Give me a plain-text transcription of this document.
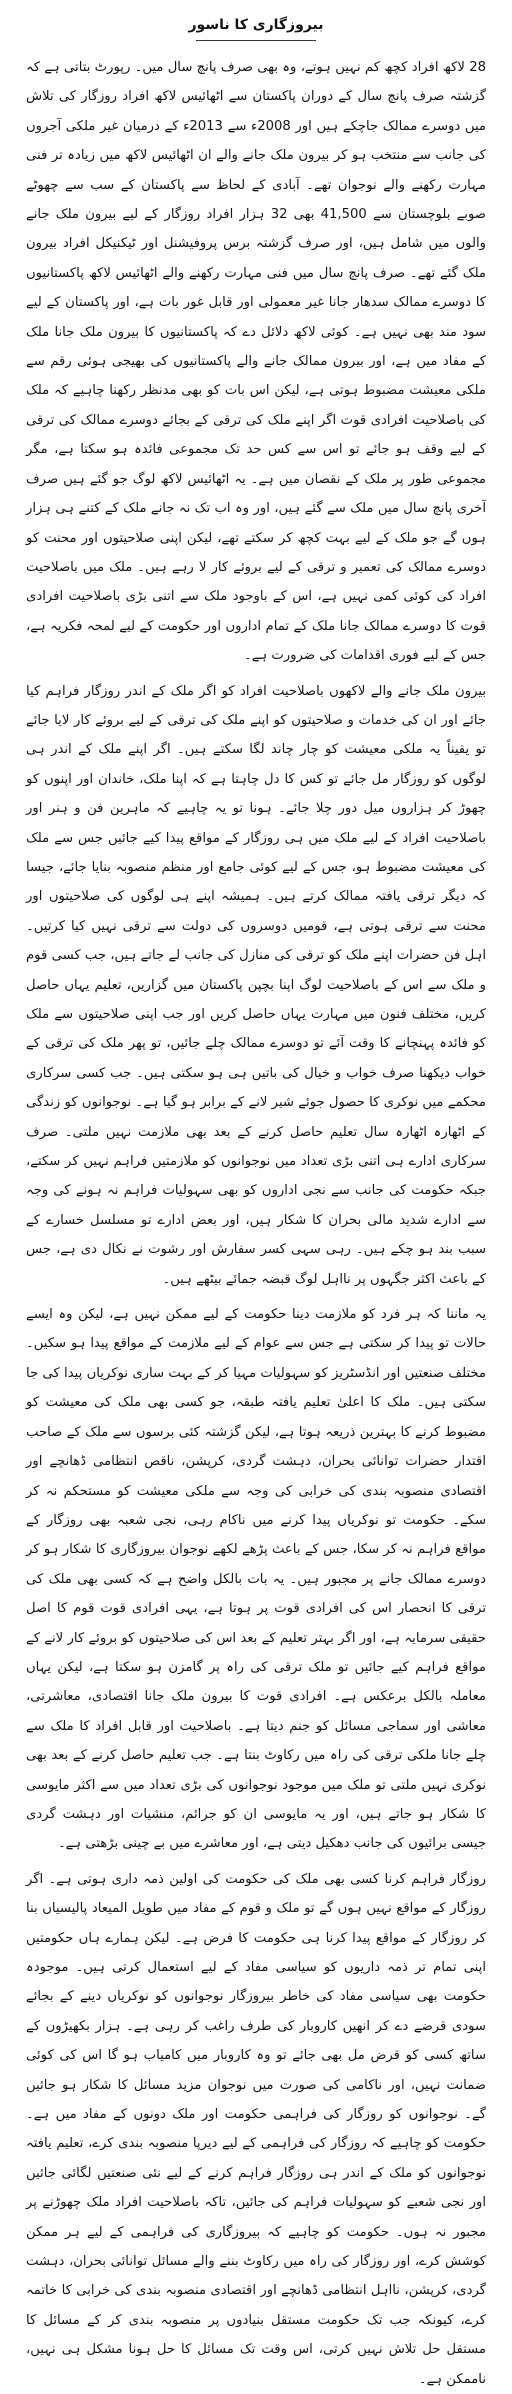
بیروزگاری کا ناسور

28 لاکھ افراد کچھ کم نہیں ہوتے، وہ بھی صرف پانچ سال میں۔ رپورٹ بتاتی ہے کہ گزشتہ صرف پانچ سال کے دوران پاکستان سے اٹھائیس لاکھ افراد روزگار کی تلاش میں دوسرے ممالک جاچکے ہیں اور 2008ء سے 2013ء کے درمیان غیر ملکی آجروں کی جانب سے منتخب ہو کر بیرون ملک جانے والے ان اٹھائیس لاکھ میں زیادہ تر فنی مہارت رکھنے والے نوجوان تھے۔ آبادی کے لحاظ سے پاکستان کے سب سے چھوٹے صوبے بلوچستان سے 41,500 بھی 32 ہزار افراد روزگار کے لیے بیرون ملک جانے والوں میں شامل ہیں، اور صرف گزشتہ برس پروفیشنل اور ٹیکنیکل افراد بیرون ملک گئے تھے۔ صرف پانچ سال میں فنی مہارت رکھنے والے اٹھائیس لاکھ پاکستانیوں کا دوسرے ممالک سدھار جانا غیر معمولی اور قابل غور بات ہے، اور پاکستان کے لیے سود مند بھی نہیں ہے۔ کوئی لاکھ دلائل دے کہ پاکستانیوں کا بیرون ملک جانا ملک کے مفاد میں ہے، اور بیرون ممالک جانے والے پاکستانیوں کی بھیجی ہوئی رقم سے ملکی معیشت مضبوط ہوتی ہے، لیکن اس بات کو بھی مدنظر رکھنا چاہیے کہ ملک کی باصلاحیت افرادی قوت اگر اپنے ملک کی ترقی کے بجائے دوسرے ممالک کی ترقی کے لیے وقف ہو جائے تو اس سے کس حد تک مجموعی فائدہ ہو سکتا ہے، مگر مجموعی طور پر ملک کے نقصان میں ہے۔ یہ اٹھائیس لاکھ لوگ جو گئے ہیں صرف آخری پانچ سال میں ملک سے گئے ہیں، اور وہ اب تک نہ جانے ملک کے کتنے ہی ہزار ہوں گے جو ملک کے لیے بہت کچھ کر سکتے تھے، لیکن اپنی صلاحیتوں اور محنت کو دوسرے ممالک کی تعمیر و ترقی کے لیے بروئے کار لا رہے ہیں۔ ملک میں باصلاحیت افراد کی کوئی کمی نہیں ہے، اس کے باوجود ملک سے اتنی بڑی باصلاحیت افرادی قوت کا دوسرے ممالک جانا ملک کے تمام اداروں اور حکومت کے لیے لمحہ فکریہ ہے، جس کے لیے فوری اقدامات کی ضرورت ہے۔

بیرون ملک جانے والے لاکھوں باصلاحیت افراد کو اگر ملک کے اندر روزگار فراہم کیا جائے اور ان کی خدمات و صلاحیتوں کو اپنے ملک کی ترقی کے لیے بروئے کار لایا جائے تو یقیناً یہ ملکی معیشت کو چار چاند لگا سکتے ہیں۔ اگر اپنے ملک کے اندر ہی لوگوں کو روزگار مل جائے تو کس کا دل چاہتا ہے کہ اپنا ملک، خاندان اور اپنوں کو چھوڑ کر ہزاروں میل دور چلا جائے۔ ہونا تو یہ چاہیے کہ ماہرین فن و ہنر اور باصلاحیت افراد کے لیے ملک میں ہی روزگار کے مواقع پیدا کیے جائیں جس سے ملک کی معیشت مضبوط ہو، جس کے لیے کوئی جامع اور منظم منصوبہ بنایا جائے، جیسا کہ دیگر ترقی یافتہ ممالک کرتے ہیں۔ ہمیشہ اپنے ہی لوگوں کی صلاحیتوں اور محنت سے ترقی ہوتی ہے، قومیں دوسروں کی دولت سے ترقی نہیں کیا کرتیں۔ اہل فن حضرات اپنے ملک کو ترقی کی منازل کی جانب لے جاتے ہیں، جب کسی قوم و ملک سے اس کے باصلاحیت لوگ اپنا بچپن پاکستان میں گزاریں، تعلیم یہاں حاصل کریں، مختلف فنون میں مہارت یہاں حاصل کریں اور جب اپنی صلاحیتوں سے ملک کو فائدہ پہنچانے کا وقت آئے تو دوسرے ممالک چلے جائیں، تو پھر ملک کی ترقی کے خواب دیکھنا صرف خواب و خیال کی باتیں ہی ہو سکتی ہیں۔ جب کسی سرکاری محکمے میں نوکری کا حصول جوئے شیر لانے کے برابر ہو گیا ہے۔ نوجوانوں کو زندگی کے اٹھارہ اٹھارہ سال تعلیم حاصل کرنے کے بعد بھی ملازمت نہیں ملتی۔ صرف سرکاری ادارے ہی اتنی بڑی تعداد میں نوجوانوں کو ملازمتیں فراہم نہیں کر سکتے، جبکہ حکومت کی جانب سے نجی اداروں کو بھی سہولیات فراہم نہ ہونے کی وجہ سے ادارے شدید مالی بحران کا شکار ہیں، اور بعض ادارے تو مسلسل خسارے کے سبب بند ہو چکے ہیں۔ رہی سہی کسر سفارش اور رشوت نے نکال دی ہے، جس کے باعث اکثر جگہوں پر نااہل لوگ قبضہ جمائے بیٹھے ہیں۔

یہ ماننا کہ ہر فرد کو ملازمت دینا حکومت کے لیے ممکن نہیں ہے، لیکن وہ ایسے حالات تو پیدا کر سکتی ہے جس سے عوام کے لیے ملازمت کے مواقع پیدا ہو سکیں۔ مختلف صنعتیں اور انڈسٹریز کو سہولیات مہیا کر کے بہت ساری نوکریاں پیدا کی جا سکتی ہیں۔ ملک کا اعلیٰ تعلیم یافتہ طبقہ، جو کسی بھی ملک کی معیشت کو مضبوط کرنے کا بہترین ذریعہ ہوتا ہے، لیکن گزشتہ کئی برسوں سے ملک کے صاحب اقتدار حضرات توانائی بحران، دہشت گردی، کرپشن، ناقص انتظامی ڈھانچے اور اقتصادی منصوبہ بندی کی خرابی کی وجہ سے ملکی معیشت کو مستحکم نہ کر سکے۔ حکومت تو نوکریاں پیدا کرنے میں ناکام رہی، نجی شعبہ بھی روزگار کے مواقع فراہم نہ کر سکا، جس کے باعث پڑھے لکھے نوجوان بیروزگاری کا شکار ہو کر دوسرے ممالک جانے پر مجبور ہیں۔ یہ بات بالکل واضح ہے کہ کسی بھی ملک کی ترقی کا انحصار اس کی افرادی قوت پر ہوتا ہے، یہی افرادی قوت قوم کا اصل حقیقی سرمایہ ہے، اور اگر بہتر تعلیم کے بعد اس کی صلاحیتوں کو بروئے کار لانے کے مواقع فراہم کیے جائیں تو ملک ترقی کی راہ پر گامزن ہو سکتا ہے، لیکن یہاں معاملہ بالکل برعکس ہے۔ افرادی قوت کا بیرون ملک جانا اقتصادی، معاشرتی، معاشی اور سماجی مسائل کو جنم دیتا ہے۔ باصلاحیت اور قابل افراد کا ملک سے چلے جانا ملکی ترقی کی راہ میں رکاوٹ بنتا ہے۔ جب تعلیم حاصل کرنے کے بعد بھی نوکری نہیں ملتی تو ملک میں موجود نوجوانوں کی بڑی تعداد میں سے اکثر مایوسی کا شکار ہو جاتے ہیں، اور یہ مایوسی ان کو جرائم، منشیات اور دہشت گردی جیسی برائیوں کی جانب دھکیل دیتی ہے، اور معاشرے میں بے چینی بڑھتی ہے۔

روزگار فراہم کرنا کسی بھی ملک کی حکومت کی اولین ذمہ داری ہوتی ہے۔ اگر روزگار کے مواقع نہیں ہوں گے تو ملک و قوم کے مفاد میں طویل المیعاد پالیسیاں بنا کر روزگار کے مواقع پیدا کرنا ہی حکومت کا فرض ہے۔ لیکن ہمارے ہاں حکومتیں اپنی تمام تر ذمہ داریوں کو سیاسی مفاد کے لیے استعمال کرتی ہیں۔ موجودہ حکومت بھی سیاسی مفاد کی خاطر بیروزگار نوجوانوں کو نوکریاں دینے کے بجائے سودی قرضے دے کر انھیں کاروبار کی طرف راغب کر رہی ہے۔ ہزار بکھیڑوں کے ساتھ کسی کو قرض مل بھی جائے تو وہ کاروبار میں کامیاب ہو گا اس کی کوئی ضمانت نہیں، اور ناکامی کی صورت میں نوجوان مزید مسائل کا شکار ہو جائیں گے۔ نوجوانوں کو روزگار کی فراہمی حکومت اور ملک دونوں کے مفاد میں ہے۔ حکومت کو چاہیے کہ روزگار کی فراہمی کے لیے دیرپا منصوبہ بندی کرے، تعلیم یافتہ نوجوانوں کو ملک کے اندر ہی روزگار فراہم کرنے کے لیے نئی صنعتیں لگائی جائیں اور نجی شعبے کو سہولیات فراہم کی جائیں، تاکہ باصلاحیت افراد ملک چھوڑنے پر مجبور نہ ہوں۔ حکومت کو چاہیے کہ بیروزگاری کی فراہمی کے لیے ہر ممکن کوشش کرے، اور روزگار کی راہ میں رکاوٹ بننے والے مسائل توانائی بحران، دہشت گردی، کرپشن، نااہل انتظامی ڈھانچے اور اقتصادی منصوبہ بندی کی خرابی کا خاتمہ کرے، کیونکہ جب تک حکومت مستقل بنیادوں پر منصوبہ بندی کر کے مسائل کا مستقل حل تلاش نہیں کرتی، اس وقت تک مسائل کا حل ہونا مشکل ہی نہیں، ناممکن ہے۔
